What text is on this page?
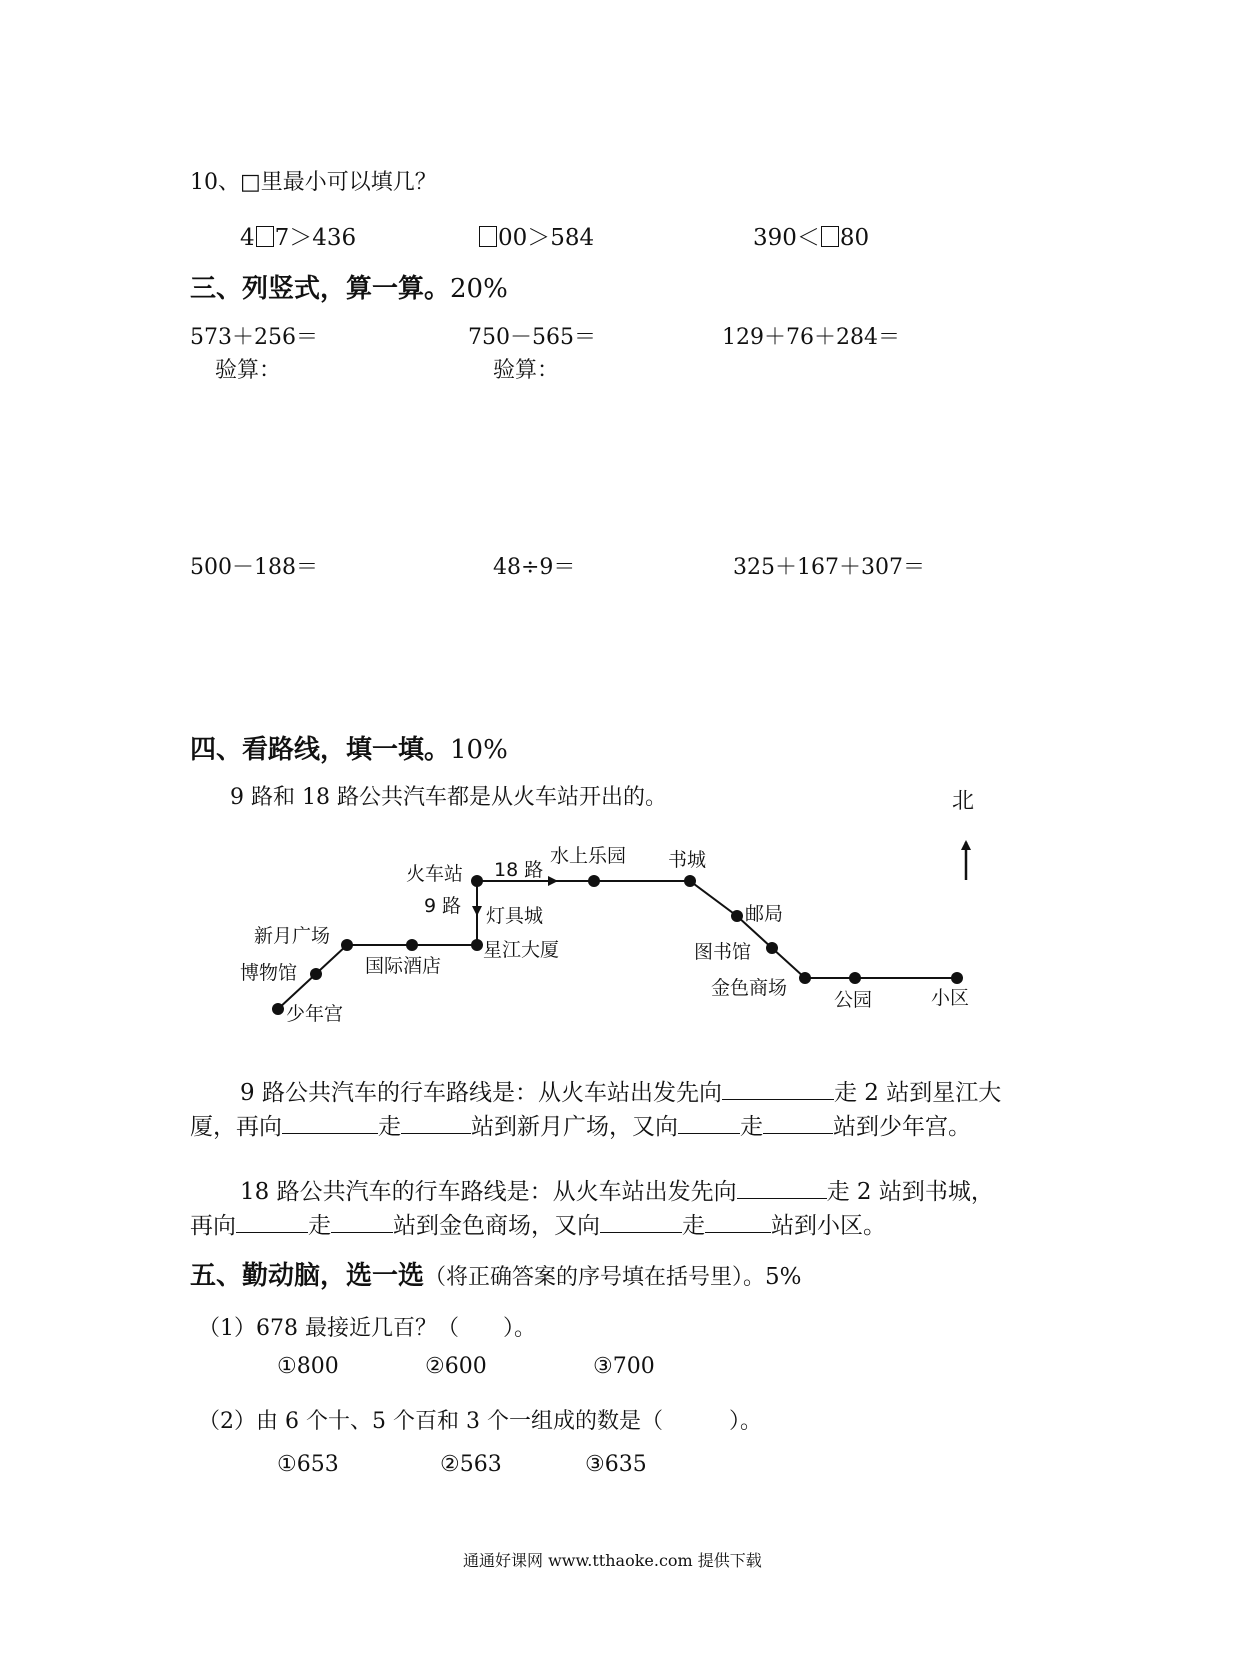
10、□里最小可以填几？
4 7＞436	00＞584	390＜ 80
三、列竖式，算一算。20%
573＋256＝	750－565＝	129＋76＋284＝
验算：	验算：
500－188＝	48÷9＝	325＋167＋307＝
四、看路线，填一填。10%
9 路和 18 路公共汽车都是从火车站开出的。	北
火车站 18 路
水上乐园 书城
邮局
图书馆
金色商场
公园	小区
9 路 灯具城
星江大厦
国际酒店
新月广场
博物馆
少年宫
9 路公共汽车的行车路线是：从火车站出发先向	走 2 站到星江大
厦，再向	走	站到新月广场，又向	走	站到少年宫。
18 路公共汽车的行车路线是：从火车站出发先向	走 2 站到书城，
再向	走	站到金色商场，又向	走	站到小区。
五、勤动脑，选一选（将正确答案的序号填在括号里）。5%
（1）678 最接近几百？（　　）。
①800	②600	③700
（2）由 6 个十、5 个百和 3 个一组成的数是（　　　）。
①653	②563	③635
通通好课网 www.tthaoke.com 提供下载
